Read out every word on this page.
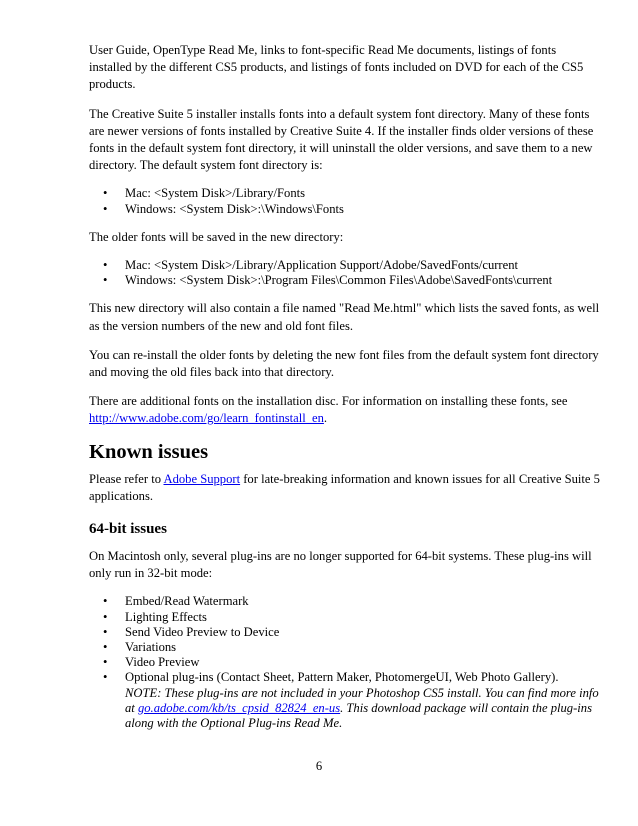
User Guide, OpenType Read Me, links to font-specific Read Me documents, listings of fonts installed by the different CS5 products, and listings of fonts included on DVD for each of the CS5 products.

The Creative Suite 5 installer installs fonts into a default system font directory. Many of these fonts are newer versions of fonts installed by Creative Suite 4. If the installer finds older versions of these fonts in the default system font directory, it will uninstall the older versions, and save them to a new directory. The default system font directory is:

• Mac: <System Disk>/Library/Fonts
• Windows: <System Disk>:\Windows\Fonts

The older fonts will be saved in the new directory:

• Mac: <System Disk>/Library/Application Support/Adobe/SavedFonts/current
• Windows: <System Disk>:\Program Files\Common Files\Adobe\SavedFonts\current

This new directory will also contain a file named "Read Me.html" which lists the saved fonts, as well as the version numbers of the new and old font files.

You can re-install the older fonts by deleting the new font files from the default system font directory and moving the old files back into that directory.

There are additional fonts on the installation disc. For information on installing these fonts, see http://www.adobe.com/go/learn_fontinstall_en.

Known issues

Please refer to Adobe Support for late-breaking information and known issues for all Creative Suite 5 applications.

64-bit issues

On Macintosh only, several plug-ins are no longer supported for 64-bit systems. These plug-ins will only run in 32-bit mode:

• Embed/Read Watermark
• Lighting Effects
• Send Video Preview to Device
• Variations
• Video Preview
• Optional plug-ins (Contact Sheet, Pattern Maker, PhotomergeUI, Web Photo Gallery).
NOTE: These plug-ins are not included in your Photoshop CS5 install. You can find more info at go.adobe.com/kb/ts_cpsid_82824_en-us. This download package will contain the plug-ins along with the Optional Plug-ins Read Me.
6
